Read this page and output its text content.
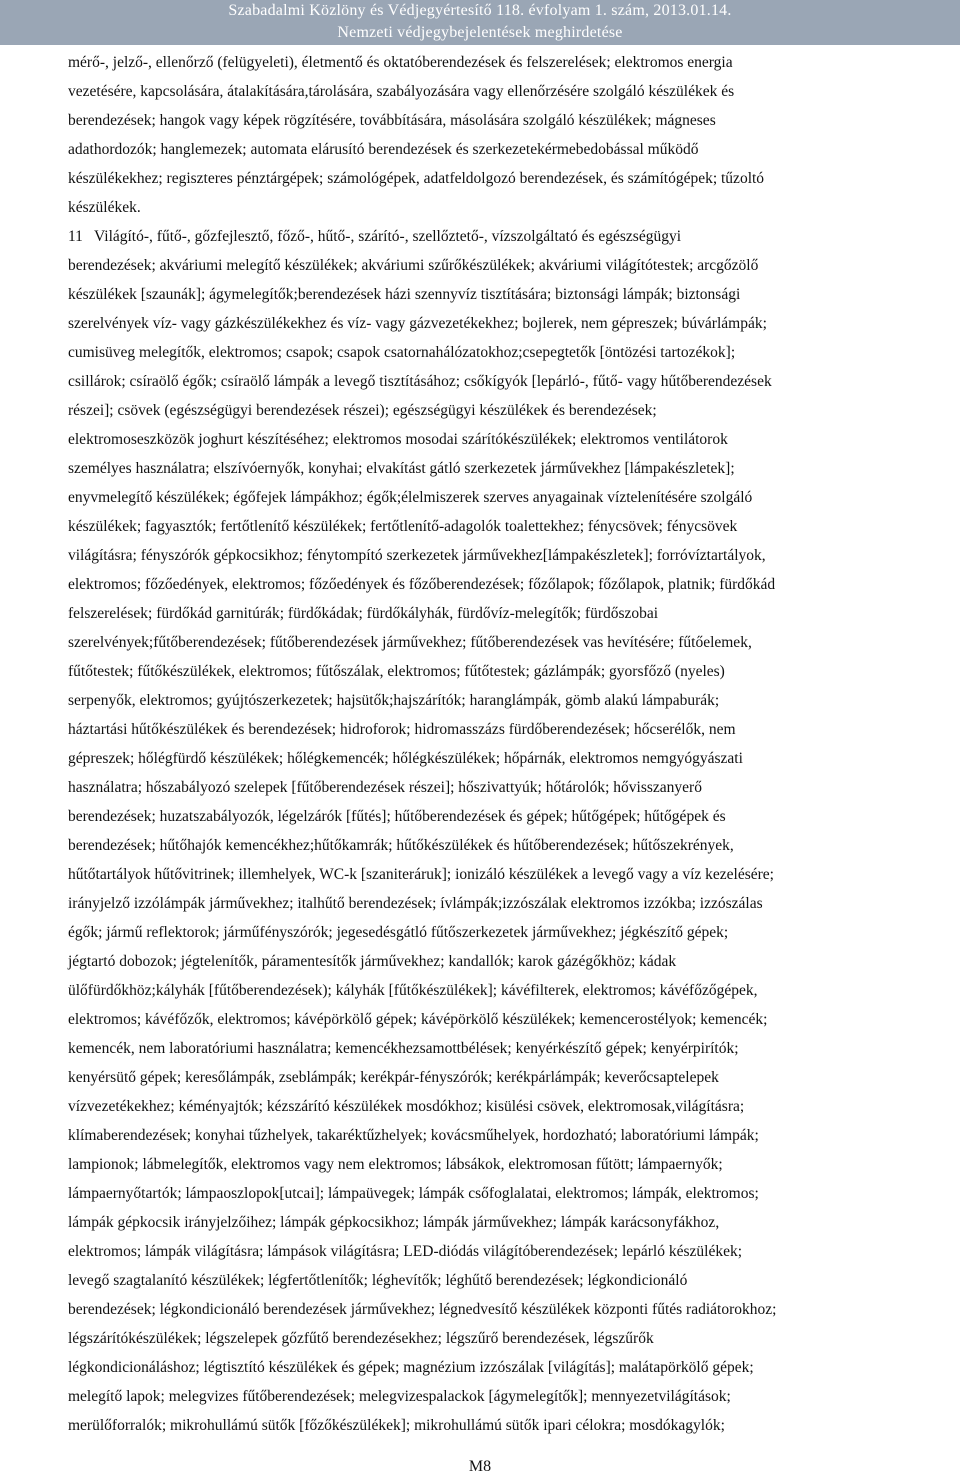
Szabadalmi Közlöny és Védjegyértesítő 118. évfolyam 1. szám, 2013.01.14.
Nemzeti védjegybejelentések meghirdetése
mérő-, jelző-, ellenőrző (felügyeleti), életmentő és oktatóberendezések és felszerelések; elektromos energia
vezetésére, kapcsolására, átalakítására,tárolására, szabályozására vagy ellenőrzésére szolgáló készülékek és
berendezések; hangok vagy képek rögzítésére, továbbítására, másolására szolgáló készülékek; mágneses
adathordozók; hanglemezek; automata elárusító berendezések és szerkezetekérmebedobással működő
készülékekhez; regiszteres pénztárgépek; számológépek, adatfeldolgozó berendezések, és számítógépek; tűzoltó
készülékek.
11 Világító-, fűtő-, gőzfejlesztő, főző-, hűtő-, szárító-, szellőztető-, vízszolgáltató és egészségügyi
berendezések; akváriumi melegítő készülékek; akváriumi szűrőkészülékek; akváriumi világítótestek; arcgőzölő
készülékek [szaunák]; ágymelegítők;berendezések házi szennyvíz tisztítására; biztonsági lámpák; biztonsági
szerelvények víz- vagy gázkészülékekhez és víz- vagy gázvezetékekhez; bojlerek, nem gépreszek; búvárlámpák;
cumisüveg melegítők, elektromos; csapok; csapok csatornahálózatokhoz;csepegtetők [öntözési tartozékok];
csillárok; csíraölő égők; csíraölő lámpák a levegő tisztításához; csőkígyók [lepárló-, fűtő- vagy hűtőberendezések
részei]; csövek (egészségügyi berendezések részei); egészségügyi készülékek és berendezések;
elektromoseszközök joghurt készítéséhez; elektromos mosodai szárítókészülékek; elektromos ventilátorok
személyes használatra; elszívóernyők, konyhai; elvakítást gátló szerkezetek járművekhez [lámpakészletek];
enyvmelegítő készülékek; égőfejek lámpákhoz; égők;élelmiszerek szerves anyagainak víztelenítésére szolgáló
készülékek; fagyasztók; fertőtlenítő készülékek; fertőtlenítő-adagolók toalettekhez; fénycsövek; fénycsövek
világításra; fényszórók gépkocsikhoz; fénytompító szerkezetek járművekhez[lámpakészletek]; forróvíztartályok,
elektromos; főzőedények, elektromos; főzőedények és főzőberendezések; főzőlapok; főzőlapok, platnik; fürdőkád
felszerelések; fürdőkád garnitúrák; fürdőkádak; fürdőkályhák, fürdővíz-melegítők; fürdőszobai
szerelvények;fűtőberendezések; fűtőberendezések járművekhez; fűtőberendezések vas hevítésére; fűtőelemek,
fűtőtestek; fűtőkészülékek, elektromos; fűtőszálak, elektromos; fűtőtestek; gázlámpák; gyorsfőző (nyeles)
serpenyők, elektromos; gyújtószerkezetek; hajsütők;hajszárítók; haranglámpák, gömb alakú lámpaburák;
háztartási hűtőkészülékek és berendezések; hidroforok; hidromasszázs fürdőberendezések; hőcserélők, nem
gépreszek; hőlégfürdő készülékek; hőlégkemencék; hőlégkészülékek; hőpárnák, elektromos nemgyógyászati
használatra; hőszabályozó szelepek [fűtőberendezések részei]; hőszivattyúk; hőtárolók; hővisszanyerő
berendezések; huzatszabályozók, légelzárók [fűtés]; hűtőberendezések és gépek; hűtőgépek; hűtőgépek és
berendezések; hűtőhajók kemencékhez;hűtőkamrák; hűtőkészülékek és hűtőberendezések; hűtőszekrények,
hűtőtartályok hűtővitrinek; illemhelyek, WC-k [szaniteráruk]; ionizáló készülékek a levegő vagy a víz kezelésére;
irányjelző izzólámpák járművekhez; italhűtő berendezések; ívlámpák;izzószálak elektromos izzókba; izzószálas
égők; jármű reflektorok; járműfényszórók; jegesedésgátló fűtőszerkezetek járművekhez; jégkészítő gépek;
jégtartó dobozok; jégtelenítők, páramentesítők járművekhez; kandallók; karok gázégőkhöz; kádak
ülőfürdőkhöz;kályhák [fűtőberendezések); kályhák [fűtőkészülékek]; kávéfilterek, elektromos; kávéfőzőgépek,
elektromos; kávéfőzők, elektromos; kávépörkölő gépek; kávépörkölő készülékek; kemencerostélyok; kemencék;
kemencék, nem laboratóriumi használatra; kemencékhezsamottbélések; kenyérkészítő gépek; kenyérpirítók;
kenyérsütő gépek; keresőlámpák, zseblámpák; kerékpár-fényszórók; kerékpárlámpák; keverőcsaptelepek
vízvezetékekhez; kéményajtók; kézszárító készülékek mosdókhoz; kisülési csövek, elektromosak,világításra;
klímaberendezések; konyhai tűzhelyek, takaréktűzhelyek; kovácsműhelyek, hordozható; laboratóriumi lámpák;
lampionok; lábmelegítők, elektromos vagy nem elektromos; lábsákok, elektromosan fűtött; lámpaernyők;
lámpaernyőtartók; lámpaoszlopok[utcai]; lámpaüvegek; lámpák csőfoglalatai, elektromos; lámpák, elektromos;
lámpák gépkocsik irányjelzőihez; lámpák gépkocsikhoz; lámpák járművekhez; lámpák karácsonyfákhoz,
elektromos; lámpák világításra; lámpások világításra; LED-diódás világítóberendezések; lepárló készülékek;
levegő szagtalanító készülékek; légfertőtlenítők; léghevítők; léghűtő berendezések; légkondicionáló
berendezések; légkondicionáló berendezések járművekhez; légnedvesítő készülékek központi fűtés radiátorokhoz;
légszárítókészülékek; légszelepek gőzfűtő berendezésekhez; légszűrő berendezések, légszűrők
légkondicionáláshoz; légtisztító készülékek és gépek; magnézium izzószálak [világítás]; malátapörkölő gépek;
melegítő lapok; melegvizes fűtőberendezések; melegvizespalackok [ágymelegítők]; mennyezetvilágítások;
merülőforralók; mikrohullámú sütők [főzőkészülékek]; mikrohullámú sütők ipari célokra; mosdókagylók;
M8
